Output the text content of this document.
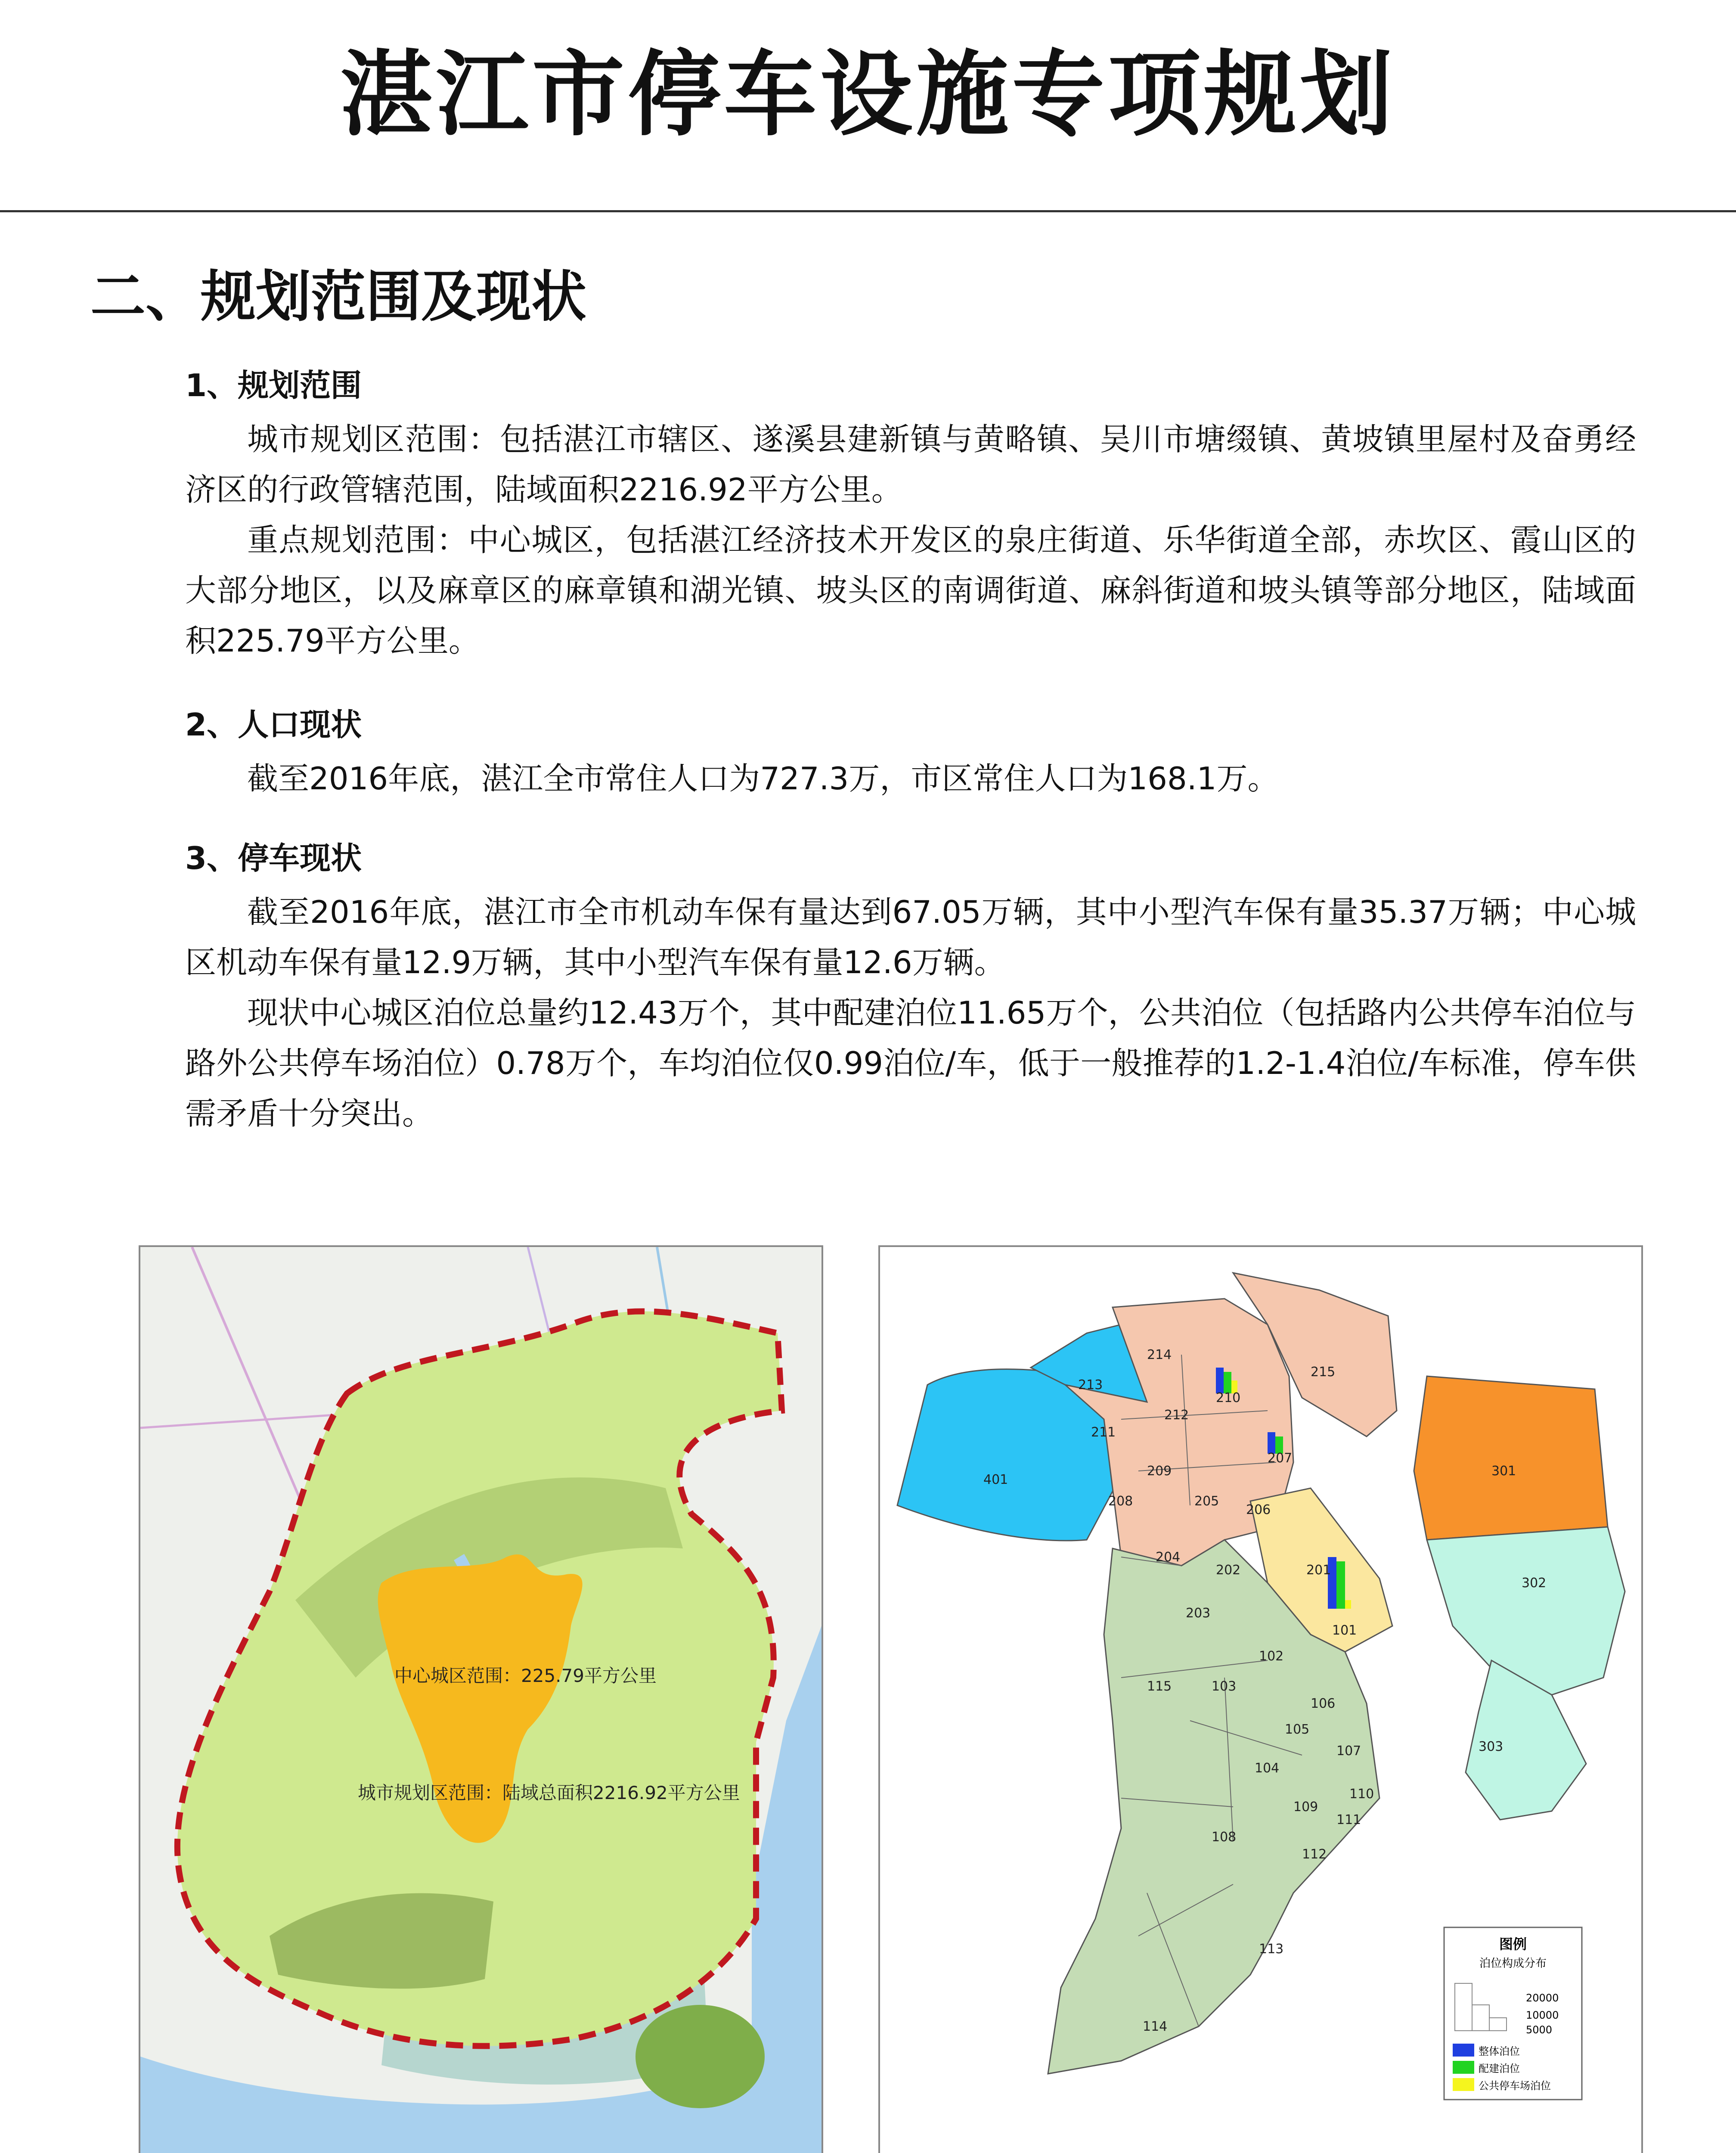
湛江市停车设施专项规划
二、规划范围及现状
1、规划范围
城市规划区范围：包括湛江市辖区、遂溪县建新镇与黄略镇、吴川市塘缀镇、黄坡镇里屋村及奋勇经济区的行政管辖范围，陆域面积2216.92平方公里。
重点规划范围：中心城区，包括湛江经济技术开发区的泉庄街道、乐华街道全部，赤坎区、霞山区的大部分地区，以及麻章区的麻章镇和湖光镇、坡头区的南调街道、麻斜街道和坡头镇等部分地区，陆域面积225.79平方公里。
2、人口现状
截至2016年底，湛江全市常住人口为727.3万，市区常住人口为168.1万。
3、停车现状
截至2016年底，湛江市全市机动车保有量达到67.05万辆，其中小型汽车保有量35.37万辆；中心城区机动车保有量12.9万辆，其中小型汽车保有量12.6万辆。
现状中心城区泊位总量约12.43万个，其中配建泊位11.65万个，公共泊位（包括路内公共停车泊位与路外公共停车场泊位）0.78万个，车均泊位仅0.99泊位/车，低于一般推荐的1.2-1.4泊位/车标准，停车供需矛盾十分突出。
中心城区范围：225.79平方公里
城市规划区范围：陆域总面积2216.92平方公里
213
214
215
210
212
211
209
207
208	205
206
204
202	201
203
101
102
115	103
106
105
107
104
110
109
111
108
112
113
114
401
301
302
303
图例
泊位构成分布
20000
10000
5000
整体泊位
配建泊位
公共停车场泊位
